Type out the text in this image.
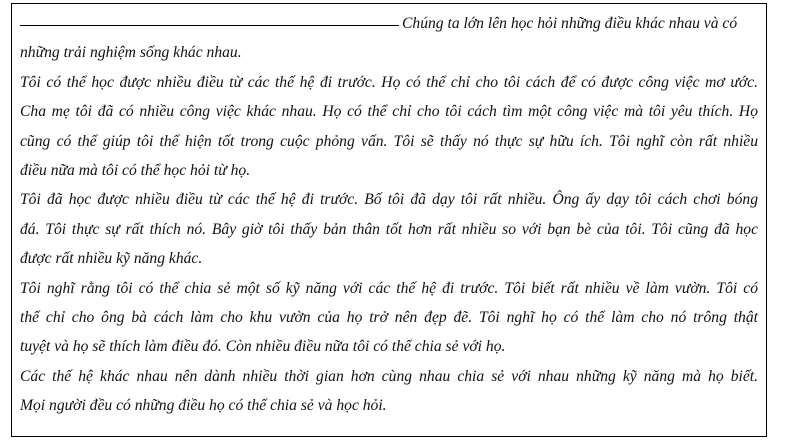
Chúng ta lớn lên học hỏi những điều khác nhau và có
những trải nghiệm sống khác nhau.
Tôi có thể học được nhiều điều từ các thế hệ đi trước. Họ có thể chỉ cho tôi cách để có được công việc mơ ước.
Cha mẹ tôi đã có nhiều công việc khác nhau. Họ có thể chỉ cho tôi cách tìm một công việc mà tôi yêu thích. Họ
cũng có thể giúp tôi thể hiện tốt trong cuộc phỏng vấn. Tôi sẽ thấy nó thực sự hữu ích. Tôi nghĩ còn rất nhiều
điều nữa mà tôi có thể học hỏi từ họ.
Tôi đã học được nhiều điều từ các thế hệ đi trước. Bố tôi đã dạy tôi rất nhiều. Ông ấy dạy tôi cách chơi bóng
đá. Tôi thực sự rất thích nó. Bây giờ tôi thấy bản thân tốt hơn rất nhiều so với bạn bè của tôi. Tôi cũng đã học
được rất nhiều kỹ năng khác.
Tôi nghĩ rằng tôi có thể chia sẻ một số kỹ năng với các thế hệ đi trước. Tôi biết rất nhiều về làm vườn. Tôi có
thể chỉ cho ông bà cách làm cho khu vườn của họ trở nên đẹp đẽ. Tôi nghĩ họ có thể làm cho nó trông thật
tuyệt và họ sẽ thích làm điều đó. Còn nhiều điều nữa tôi có thể chia sẻ với họ.
Các thế hệ khác nhau nên dành nhiều thời gian hơn cùng nhau chia sẻ với nhau những kỹ năng mà họ biết.
Mọi người đều có những điều họ có thể chia sẻ và học hỏi.
